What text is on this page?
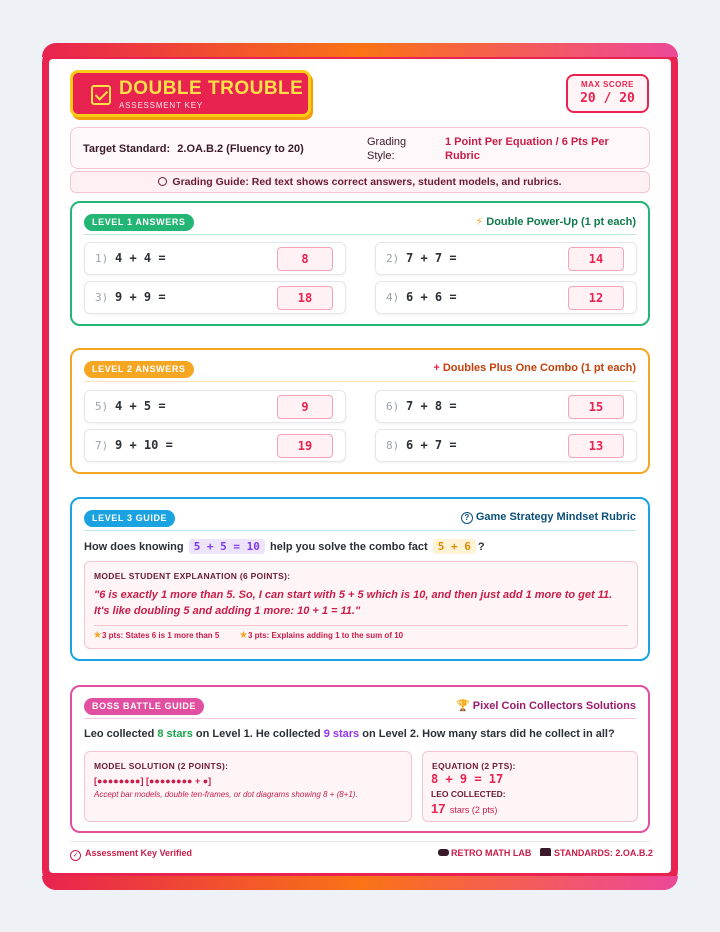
DOUBLE TROUBLE
ASSESSMENT KEY
MAX SCORE
20 / 20
Target Standard: 2.OA.B.2 (Fluency to 20)
Grading Style:
1 Point Per Equation / 6 Pts Per Rubric
Grading Guide: Red text shows correct answers, student models, and rubrics.
LEVEL 1 ANSWERS	⚡ Double Power-Up (1 pt each)
1) 4 + 4 =	8	2) 7 + 7 =	14
3) 9 + 9 =	18	4) 6 + 6 =	12
LEVEL 2 ANSWERS	+ Doubles Plus One Combo (1 pt each)
5) 4 + 5 =	9	6) 7 + 8 =	15
7) 9 + 10 =	19	8) 6 + 7 =	13
LEVEL 3 GUIDE	? Game Strategy Mindset Rubric
How does knowing 5 + 5 = 10 help you solve the combo fact 5 + 6 ?
MODEL STUDENT EXPLANATION (6 POINTS):
"6 is exactly 1 more than 5. So, I can start with 5 + 5 which is 10, and then just add 1 more to get 11. It's like doubling 5 and adding 1 more: 10 + 1 = 11."
★3 pts: States 6 is 1 more than 5 ★3 pts: Explains adding 1 to the sum of 10
BOSS BATTLE GUIDE	🏆 Pixel Coin Collectors Solutions
Leo collected 8 stars on Level 1. He collected 9 stars on Level 2. How many stars did he collect in all?
MODEL SOLUTION (2 POINTS):
[●●●●●●●●] [●●●●●●●● + ●]
Accept bar models, double ten-frames, or dot diagrams showing 8 + (8+1).
EQUATION (2 PTS):
8 + 9 = 17
LEO COLLECTED:
17 stars (2 pts)
✓ Assessment Key Verified	RETRO MATH LAB	STANDARDS: 2.OA.B.2
